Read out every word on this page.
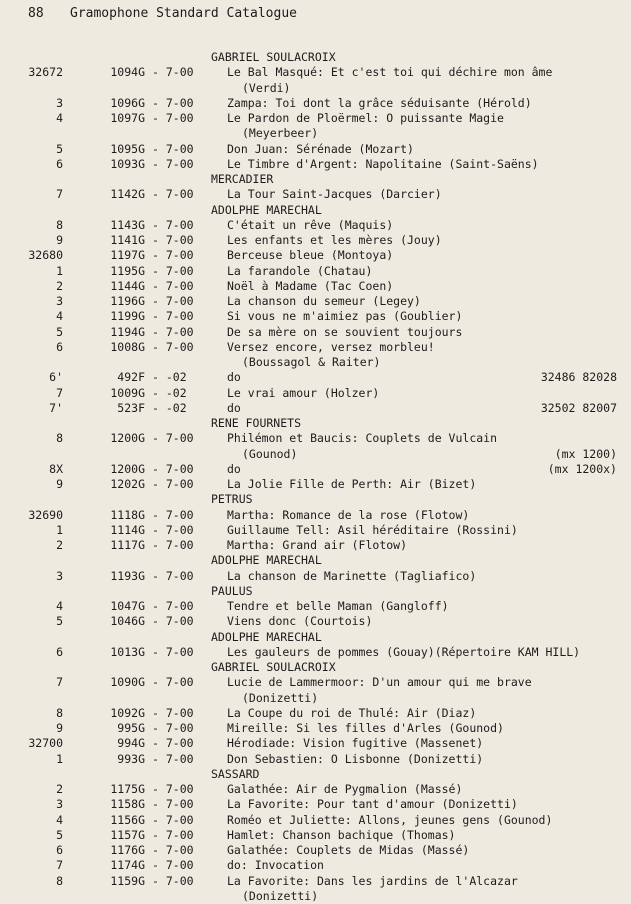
88 Gramophone Standard Catalogue
GABRIEL SOULACROIX
32672	1094G - 7-00	Le Bal Masqué: Et c'est toi qui déchire mon âme
(Verdi)
3	1096G - 7-00	Zampa: Toi dont la grâce séduisante (Hérold)
4	1097G - 7-00	Le Pardon de Ploërmel: O puissante Magie
(Meyerbeer)
5	1095G - 7-00	Don Juan: Sérénade (Mozart)
6	1093G - 7-00	Le Timbre d'Argent: Napolitaine (Saint-Saëns)
MERCADIER
7	1142G - 7-00	La Tour Saint-Jacques (Darcier)
ADOLPHE MARECHAL
8	1143G - 7-00	C'était un rêve (Maquis)
9	1141G - 7-00	Les enfants et les mères (Jouy)
32680	1197G - 7-00	Berceuse bleue (Montoya)
1	1195G - 7-00	La farandole (Chatau)
2	1144G - 7-00	Noël à Madame (Tac Coen)
3	1196G - 7-00	La chanson du semeur (Legey)
4	1199G - 7-00	Si vous ne m'aimiez pas (Goublier)
5	1194G - 7-00	De sa mère on se souvient toujours
6	1008G - 7-00	Versez encore, versez morbleu!
(Boussagol & Raiter)
6'	492F - -02	do	32486 82028
7	1009G - -02	Le vrai amour (Holzer)
7'	523F - -02	do	32502 82007
RENE FOURNETS
8	1200G - 7-00	Philémon et Baucis: Couplets de Vulcain
(Gounod)	(mx 1200)
8X	1200G - 7-00	do	(mx 1200x)
9	1202G - 7-00	La Jolie Fille de Perth: Air (Bizet)
PETRUS
32690	1118G - 7-00	Martha: Romance de la rose (Flotow)
1	1114G - 7-00	Guillaume Tell: Asil héréditaire (Rossini)
2	1117G - 7-00	Martha: Grand air (Flotow)
ADOLPHE MARECHAL
3	1193G - 7-00	La chanson de Marinette (Tagliafico)
PAULUS
4	1047G - 7-00	Tendre et belle Maman (Gangloff)
5	1046G - 7-00	Viens donc (Courtois)
ADOLPHE MARECHAL
6	1013G - 7-00	Les gauleurs de pommes (Gouay)(Répertoire KAM HILL)
GABRIEL SOULACROIX
7	1090G - 7-00	Lucie de Lammermoor: D'un amour qui me brave
(Donizetti)
8	1092G - 7-00	La Coupe du roi de Thulé: Air (Diaz)
9	995G - 7-00	Mireille: Si les filles d'Arles (Gounod)
32700	994G - 7-00	Hérodiade: Vision fugitive (Massenet)
1	993G - 7-00	Don Sebastien: O Lisbonne (Donizetti)
SASSARD
2	1175G - 7-00	Galathée: Air de Pygmalion (Massé)
3	1158G - 7-00	La Favorite: Pour tant d'amour (Donizetti)
4	1156G - 7-00	Roméo et Juliette: Allons, jeunes gens (Gounod)
5	1157G - 7-00	Hamlet: Chanson bachique (Thomas)
6	1176G - 7-00	Galathée: Couplets de Midas (Massé)
7	1174G - 7-00	do: Invocation
8	1159G - 7-00	La Favorite: Dans les jardins de l'Alcazar
(Donizetti)
